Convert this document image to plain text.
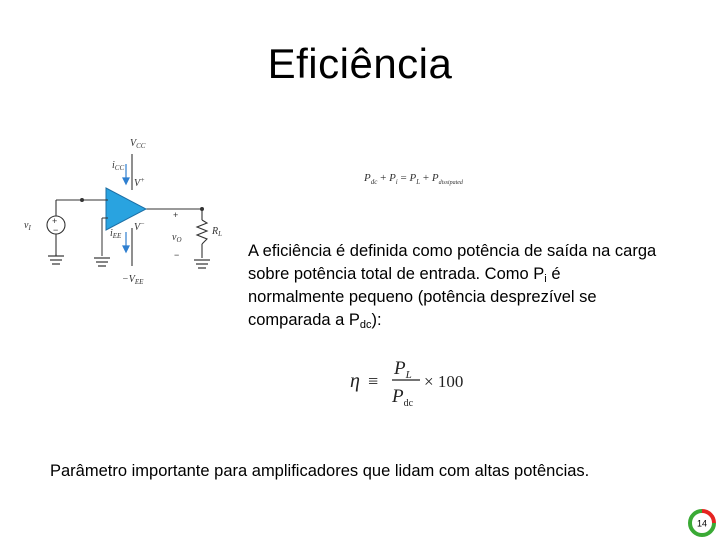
Eficiência
$V_{CC}$
$i_{CC}$
V+
V−
$i_{EE}$
$-V_{EE}$
$v_I$
$v_O$
$R_L$
+
−
+
−
$P_{dc} + P_i = P_L + P_{dissipated}$
A eficiência é definida como potência de saída na carga
sobre potência total de entrada. Como $P_i$ é
normalmente pequeno (potência desprezível se
comparada a $P_{dc}$):
η ≡
$P_L$
$P_{dc}$
× 100
Parâmetro importante para amplificadores que lidam com altas potências.
14
